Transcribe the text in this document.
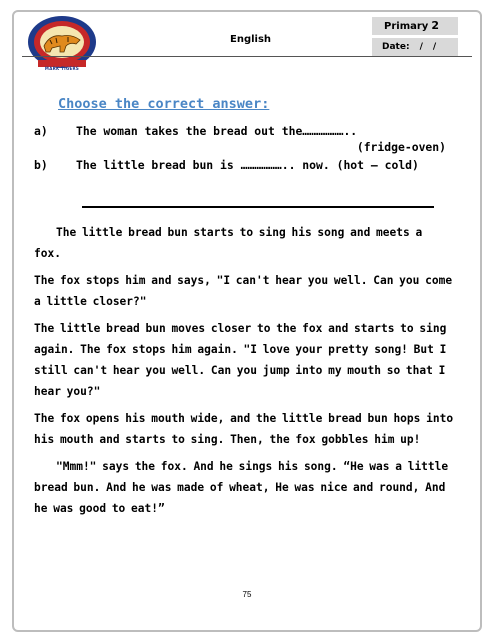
MARK TIGERS
English
Primary 2
Date: / /
Choose the correct answer:
a)	The woman takes the bread out the………………..
(fridge-oven)
b)	The little bread bun is ……………….. now. (hot – cold)

The little bread bun starts to sing his song and meets a fox.

The fox stops him and says, "I can't hear you well. Can you come a little closer?"

The little bread bun moves closer to the fox and starts to sing again. The fox stops him again. "I love your pretty song! But I still can't hear you well. Can you jump into my mouth so that I hear you?"

The fox opens his mouth wide, and the little bread bun hops into his mouth and starts to sing. Then, the fox gobbles him up!

"Mmm!" says the fox. And he sings his song. “He was a little bread bun. And he was made of wheat, He was nice and round, And he was good to eat!”

75
